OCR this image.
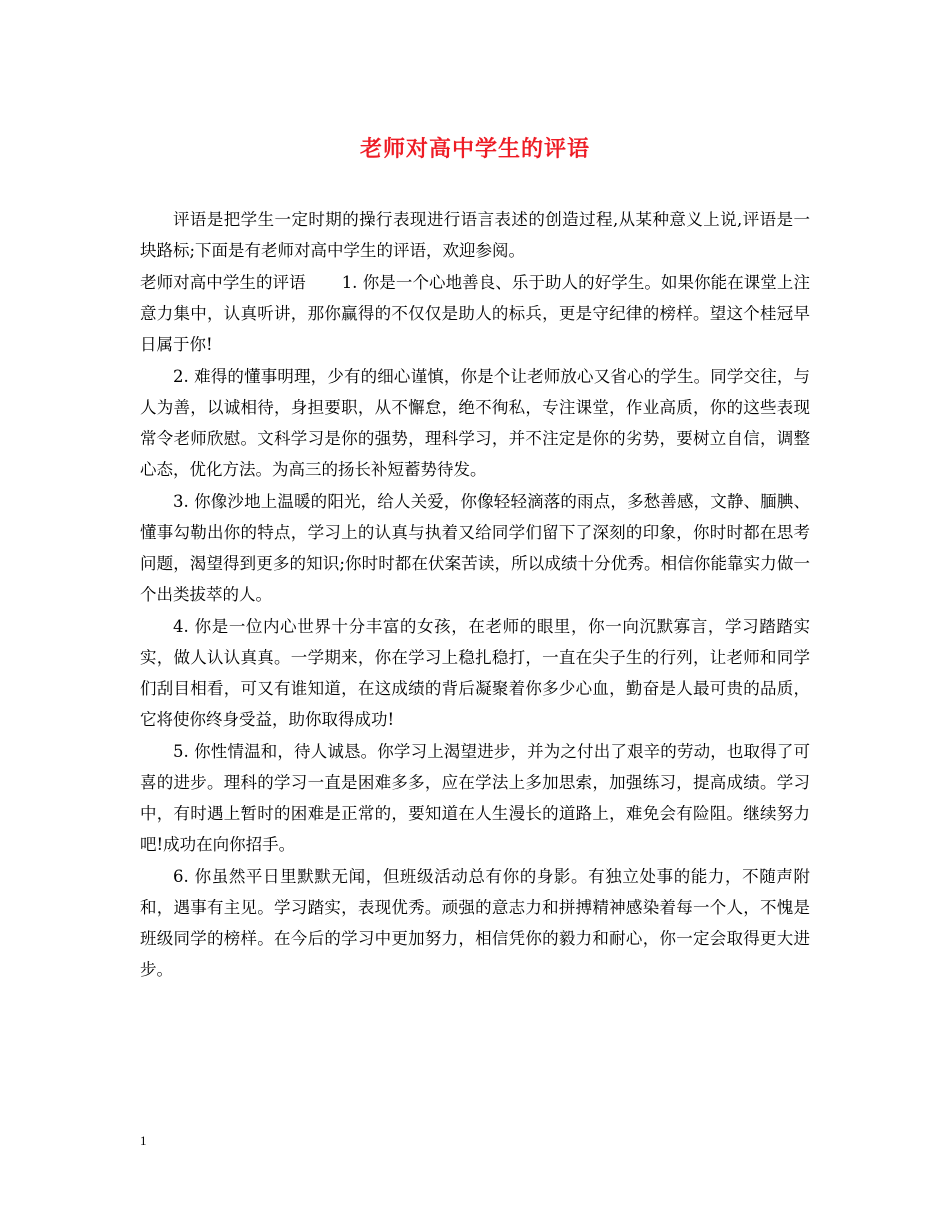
老师对高中学生的评语

评语是把学生一定时期的操行表现进行语言表述的创造过程,从某种意义上说,评语是一块路标;下面是有老师对高中学生的评语，欢迎参阅。

老师对高中学生的评语 1. 你是一个心地善良、乐于助人的好学生。如果你能在课堂上注意力集中，认真听讲，那你赢得的不仅仅是助人的标兵，更是守纪律的榜样。望这个桂冠早日属于你!

2. 难得的懂事明理，少有的细心谨慎，你是个让老师放心又省心的学生。同学交往，与人为善，以诚相待，身担要职，从不懈怠，绝不徇私，专注课堂，作业高质，你的这些表现常令老师欣慰。文科学习是你的强势，理科学习，并不注定是你的劣势，要树立自信，调整心态，优化方法。为高三的扬长补短蓄势待发。

3. 你像沙地上温暖的阳光，给人关爱，你像轻轻滴落的雨点，多愁善感，文静、腼腆、懂事勾勒出你的特点，学习上的认真与执着又给同学们留下了深刻的印象，你时时都在思考问题，渴望得到更多的知识;你时时都在伏案苦读，所以成绩十分优秀。相信你能靠实力做一个出类拔萃的人。

4. 你是一位内心世界十分丰富的女孩，在老师的眼里，你一向沉默寡言，学习踏踏实实，做人认认真真。一学期来，你在学习上稳扎稳打，一直在尖子生的行列，让老师和同学们刮目相看，可又有谁知道，在这成绩的背后凝聚着你多少心血，勤奋是人最可贵的品质，它将使你终身受益，助你取得成功!

5. 你性情温和，待人诚恳。你学习上渴望进步，并为之付出了艰辛的劳动，也取得了可喜的进步。理科的学习一直是困难多多，应在学法上多加思索，加强练习，提高成绩。学习中，有时遇上暂时的困难是正常的，要知道在人生漫长的道路上，难免会有险阻。继续努力吧!成功在向你招手。

6. 你虽然平日里默默无闻，但班级活动总有你的身影。有独立处事的能力，不随声附和，遇事有主见。学习踏实，表现优秀。顽强的意志力和拼搏精神感染着每一个人，不愧是班级同学的榜样。在今后的学习中更加努力，相信凭你的毅力和耐心，你一定会取得更大进步。

1
